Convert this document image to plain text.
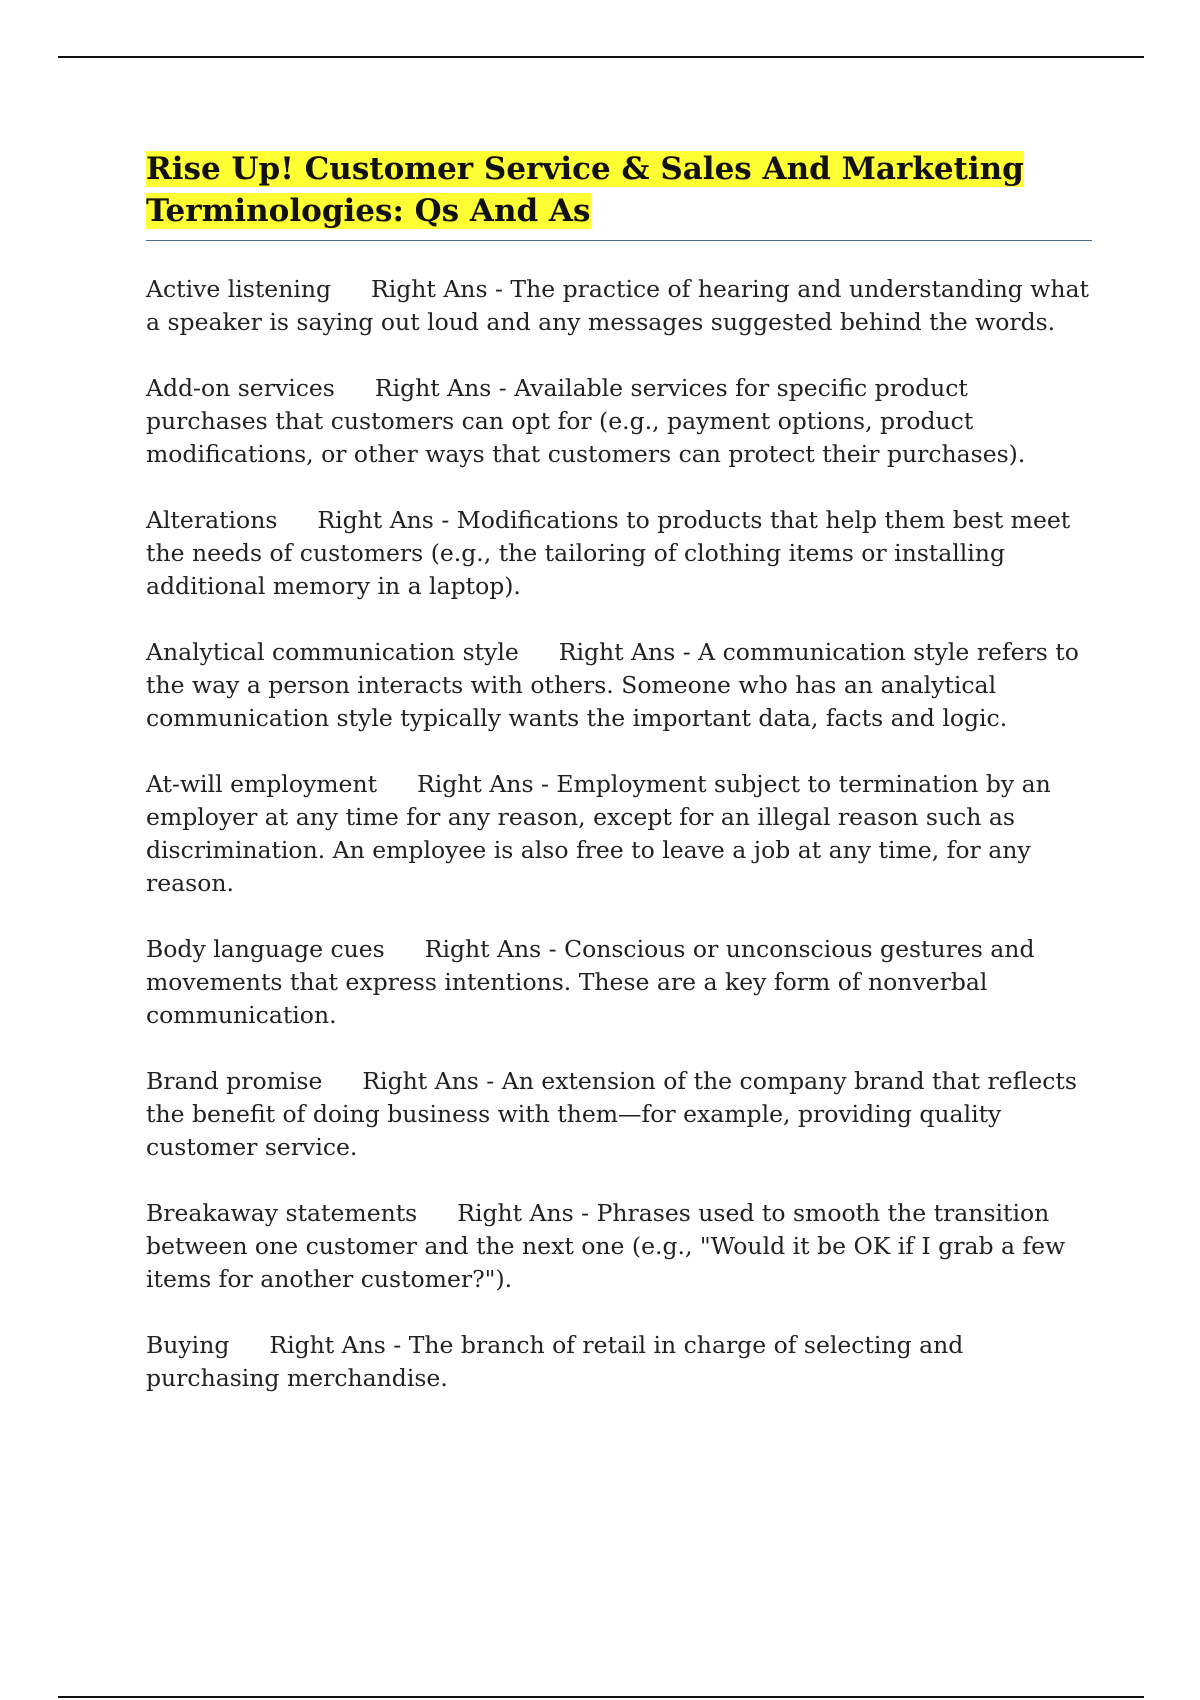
Rise Up! Customer Service & Sales And Marketing Terminologies: Qs And As

Active listening Right Ans - The practice of hearing and understanding what a speaker is saying out loud and any messages suggested behind the words.

Add-on services Right Ans - Available services for specific product purchases that customers can opt for (e.g., payment options, product modifications, or other ways that customers can protect their purchases).

Alterations Right Ans - Modifications to products that help them best meet the needs of customers (e.g., the tailoring of clothing items or installing additional memory in a laptop).

Analytical communication style Right Ans - A communication style refers to the way a person interacts with others. Someone who has an analytical communication style typically wants the important data, facts and logic.

At-will employment Right Ans - Employment subject to termination by an employer at any time for any reason, except for an illegal reason such as discrimination. An employee is also free to leave a job at any time, for any reason.

Body language cues Right Ans - Conscious or unconscious gestures and movements that express intentions. These are a key form of nonverbal communication.

Brand promise Right Ans - An extension of the company brand that reflects the benefit of doing business with them—for example, providing quality customer service.

Breakaway statements Right Ans - Phrases used to smooth the transition between one customer and the next one (e.g., "Would it be OK if I grab a few items for another customer?").

Buying Right Ans - The branch of retail in charge of selecting and purchasing merchandise.
